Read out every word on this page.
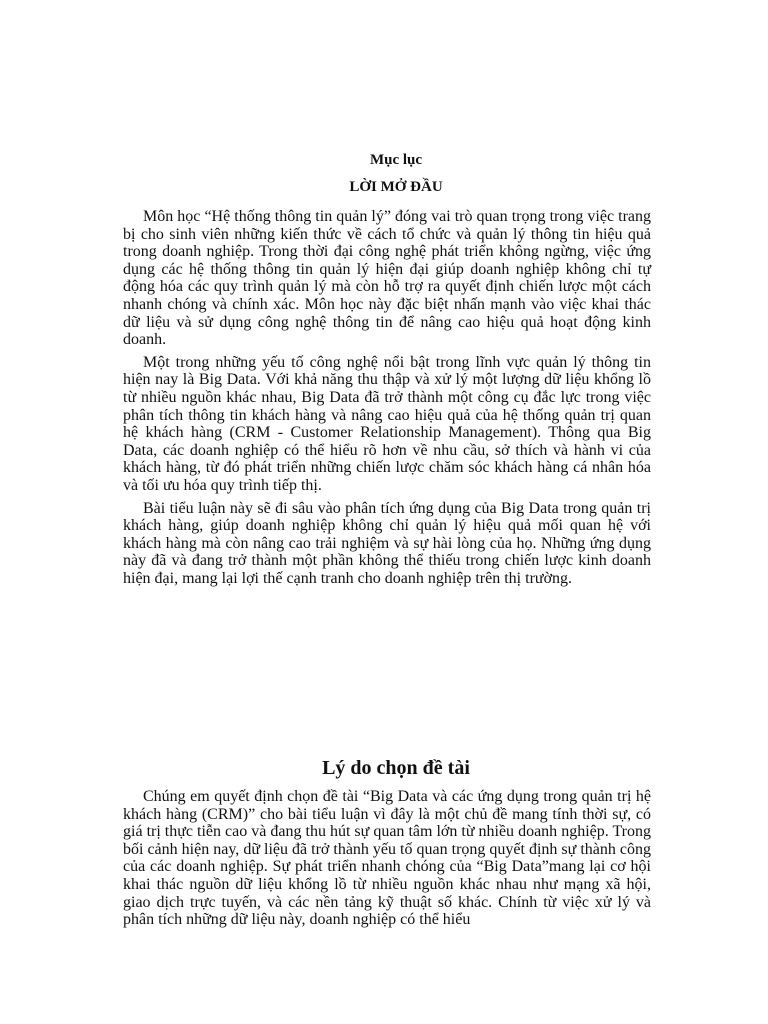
Mục lục
LỜI MỞ ĐẦU

Môn học “Hệ thống thông tin quản lý” đóng vai trò quan trọng trong việc trang bị cho sinh viên những kiến thức về cách tổ chức và quản lý thông tin hiệu quả trong doanh nghiệp. Trong thời đại công nghệ phát triển không ngừng, việc ứng dụng các hệ thống thông tin quản lý hiện đại giúp doanh nghiệp không chỉ tự động hóa các quy trình quản lý mà còn hỗ trợ ra quyết định chiến lược một cách nhanh chóng và chính xác. Môn học này đặc biệt nhấn mạnh vào việc khai thác dữ liệu và sử dụng công nghệ thông tin để nâng cao hiệu quả hoạt động kinh doanh.

Một trong những yếu tố công nghệ nổi bật trong lĩnh vực quản lý thông tin hiện nay là Big Data. Với khả năng thu thập và xử lý một lượng dữ liệu khổng lồ từ nhiều nguồn khác nhau, Big Data đã trở thành một công cụ đắc lực trong việc phân tích thông tin khách hàng và nâng cao hiệu quả của hệ thống quản trị quan hệ khách hàng (CRM - Customer Relationship Management). Thông qua Big Data, các doanh nghiệp có thể hiểu rõ hơn về nhu cầu, sở thích và hành vi của khách hàng, từ đó phát triển những chiến lược chăm sóc khách hàng cá nhân hóa và tối ưu hóa quy trình tiếp thị.

Bài tiểu luận này sẽ đi sâu vào phân tích ứng dụng của Big Data trong quản trị khách hàng, giúp doanh nghiệp không chỉ quản lý hiệu quả mối quan hệ với khách hàng mà còn nâng cao trải nghiệm và sự hài lòng của họ. Những ứng dụng này đã và đang trở thành một phần không thể thiếu trong chiến lược kinh doanh hiện đại, mang lại lợi thế cạnh tranh cho doanh nghiệp trên thị trường.

Lý do chọn đề tài

Chúng em quyết định chọn đề tài “Big Data và các ứng dụng trong quản trị hệ khách hàng (CRM)” cho bài tiểu luận vì đây là một chủ đề mang tính thời sự, có giá trị thực tiễn cao và đang thu hút sự quan tâm lớn từ nhiều doanh nghiệp. Trong bối cảnh hiện nay, dữ liệu đã trở thành yếu tố quan trọng quyết định sự thành công của các doanh nghiệp. Sự phát triển nhanh chóng của “Big Data”mang lại cơ hội khai thác nguồn dữ liệu khổng lồ từ nhiều nguồn khác nhau như mạng xã hội, giao dịch trực tuyến, và các nền tảng kỹ thuật số khác. Chính từ việc xử lý và phân tích những dữ liệu này, doanh nghiệp có thể hiểu
